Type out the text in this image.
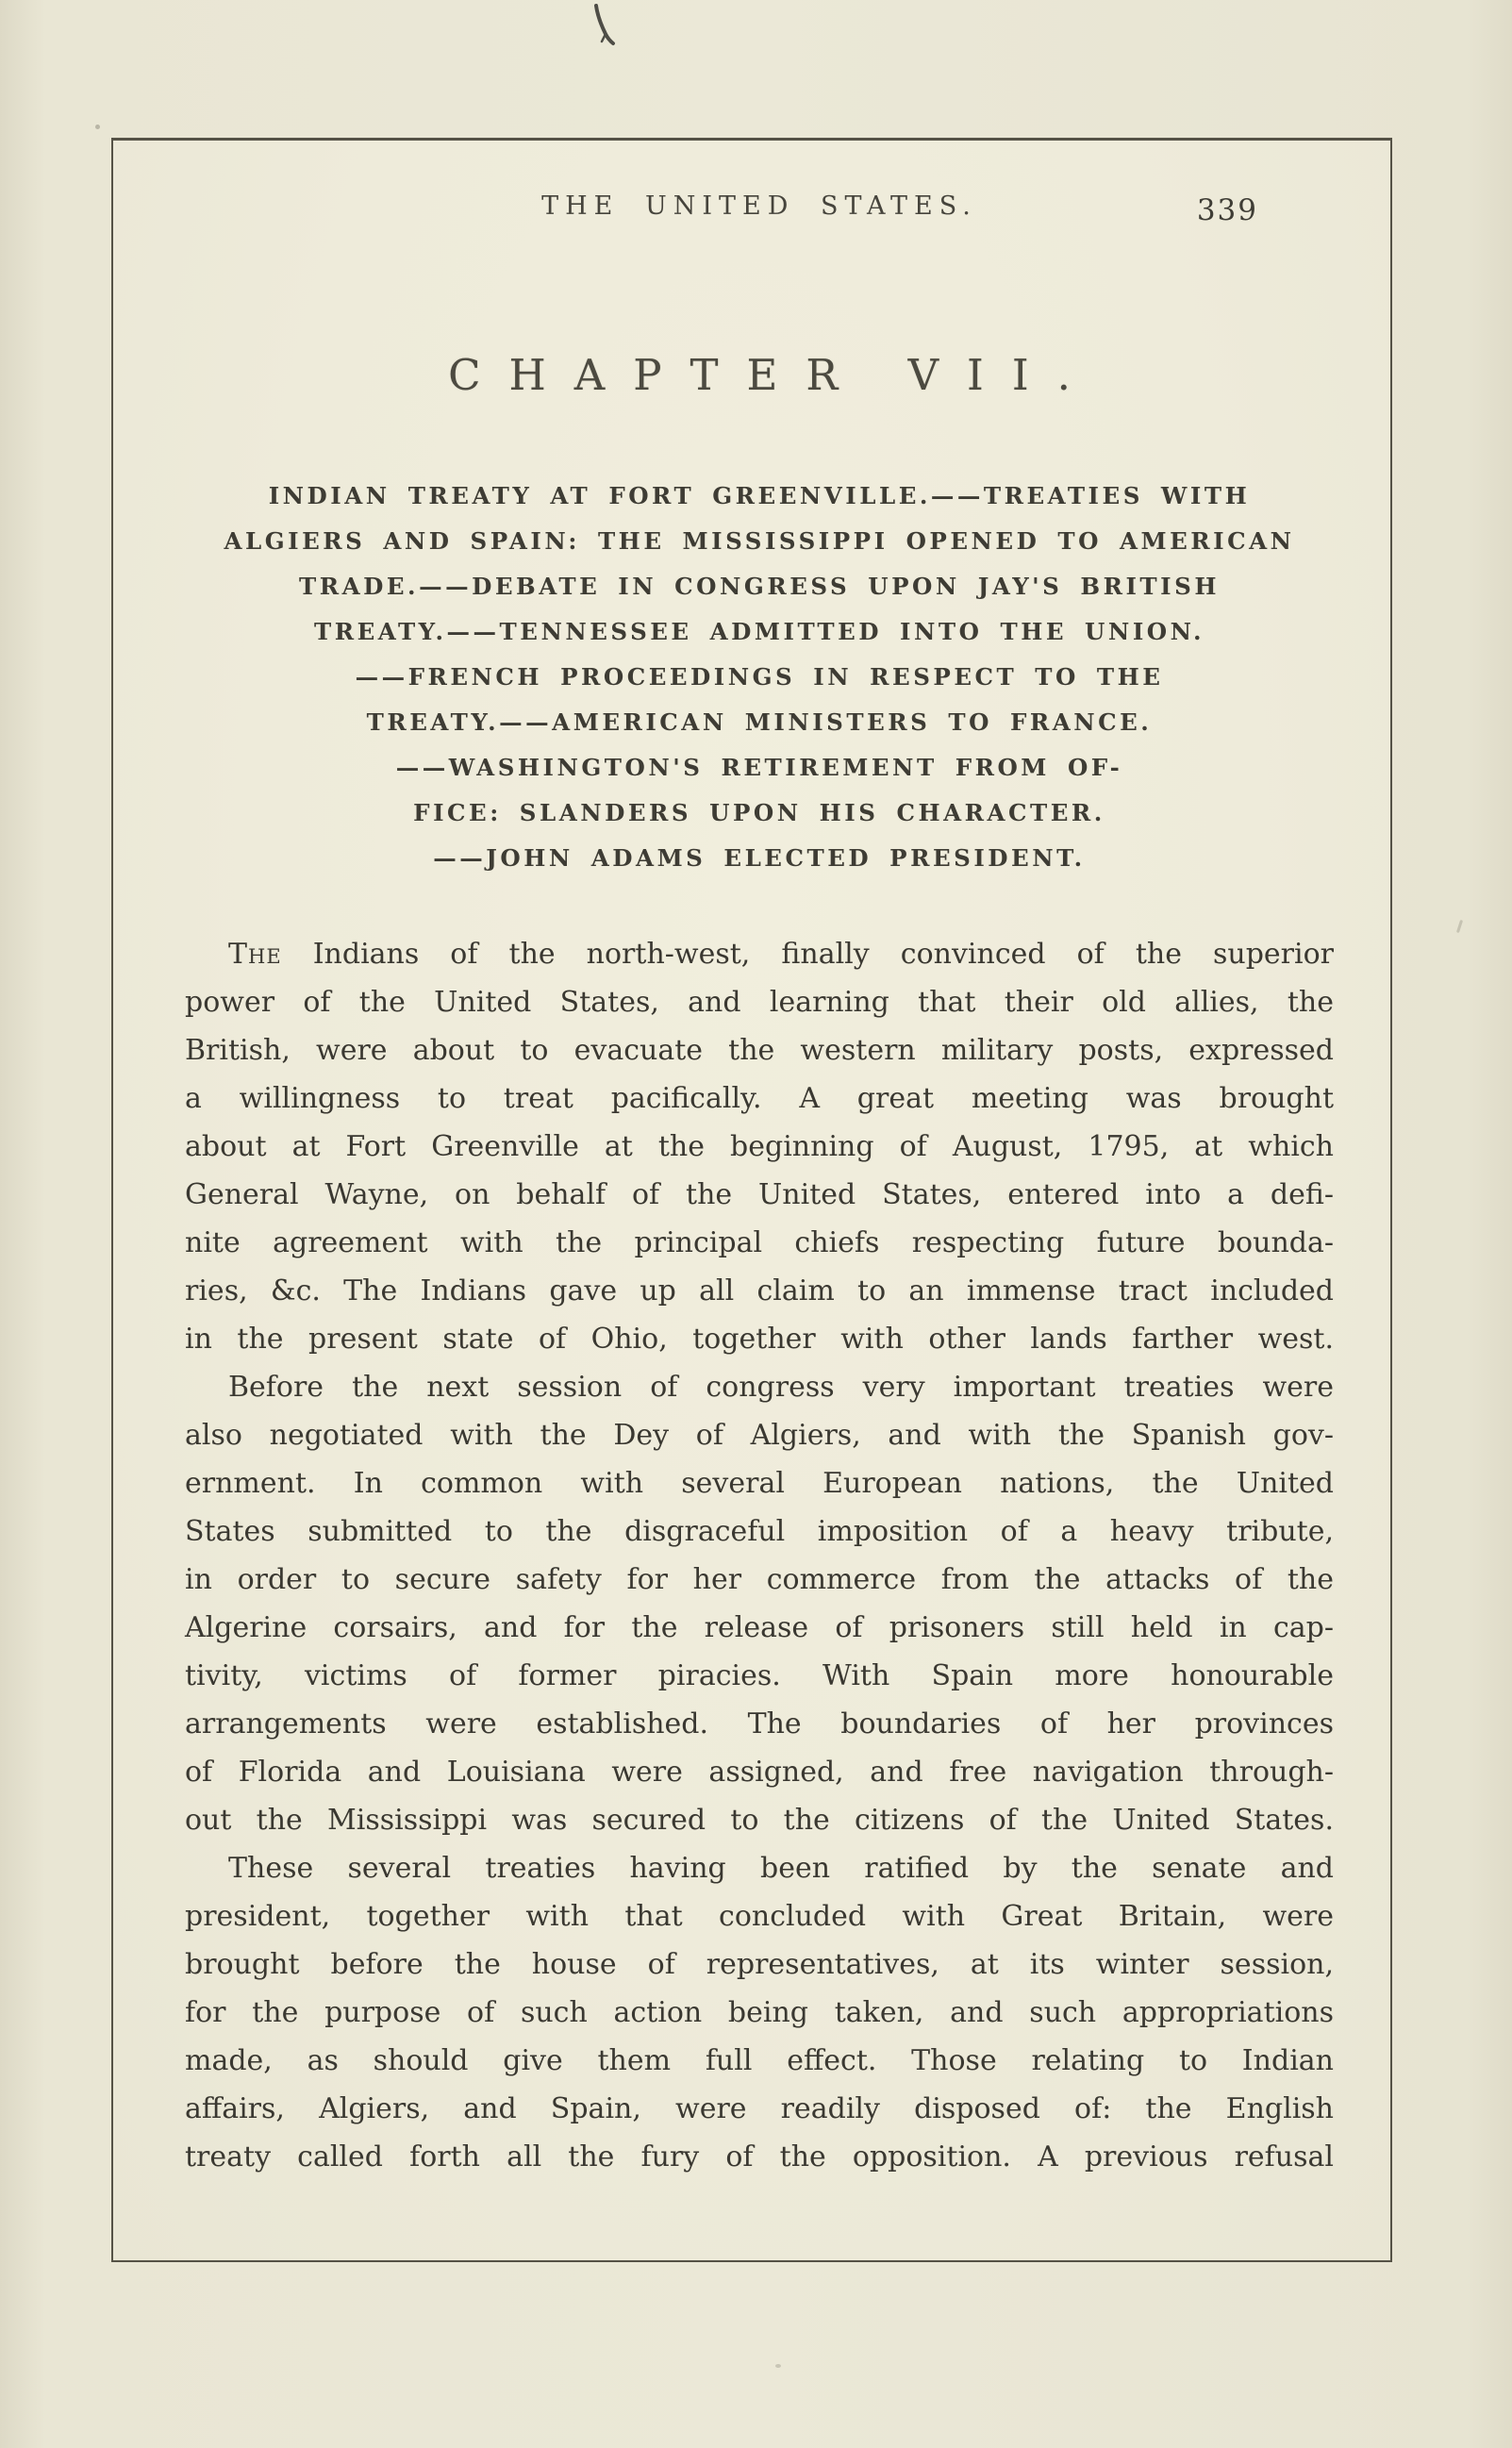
THE UNITED STATES.	339
CHAPTER VII.
INDIAN TREATY AT FORT GREENVILLE.——TREATIES WITH
ALGIERS AND SPAIN: THE MISSISSIPPI OPENED TO AMERICAN
TRADE.——DEBATE IN CONGRESS UPON JAY'S BRITISH
TREATY.——TENNESSEE ADMITTED INTO THE UNION.
——FRENCH PROCEEDINGS IN RESPECT TO THE
TREATY.——AMERICAN MINISTERS TO FRANCE.
——WASHINGTON'S RETIREMENT FROM OF-
FICE: SLANDERS UPON HIS CHARACTER.
——JOHN ADAMS ELECTED PRESIDENT.
The Indians of the north-west, finally convinced of the superior
power of the United States, and learning that their old allies, the
British, were about to evacuate the western military posts, expressed
a willingness to treat pacifically. A great meeting was brought
about at Fort Greenville at the beginning of August, 1795, at which
General Wayne, on behalf of the United States, entered into a defi-
nite agreement with the principal chiefs respecting future bounda-
ries, &c. The Indians gave up all claim to an immense tract included
in the present state of Ohio, together with other lands farther west.
Before the next session of congress very important treaties were
also negotiated with the Dey of Algiers, and with the Spanish gov-
ernment. In common with several European nations, the United
States submitted to the disgraceful imposition of a heavy tribute,
in order to secure safety for her commerce from the attacks of the
Algerine corsairs, and for the release of prisoners still held in cap-
tivity, victims of former piracies. With Spain more honourable
arrangements were established. The boundaries of her provinces
of Florida and Louisiana were assigned, and free navigation through-
out the Mississippi was secured to the citizens of the United States.
These several treaties having been ratified by the senate and
president, together with that concluded with Great Britain, were
brought before the house of representatives, at its winter session,
for the purpose of such action being taken, and such appropriations
made, as should give them full effect. Those relating to Indian
affairs, Algiers, and Spain, were readily disposed of: the English
treaty called forth all the fury of the opposition. A previous refusal
